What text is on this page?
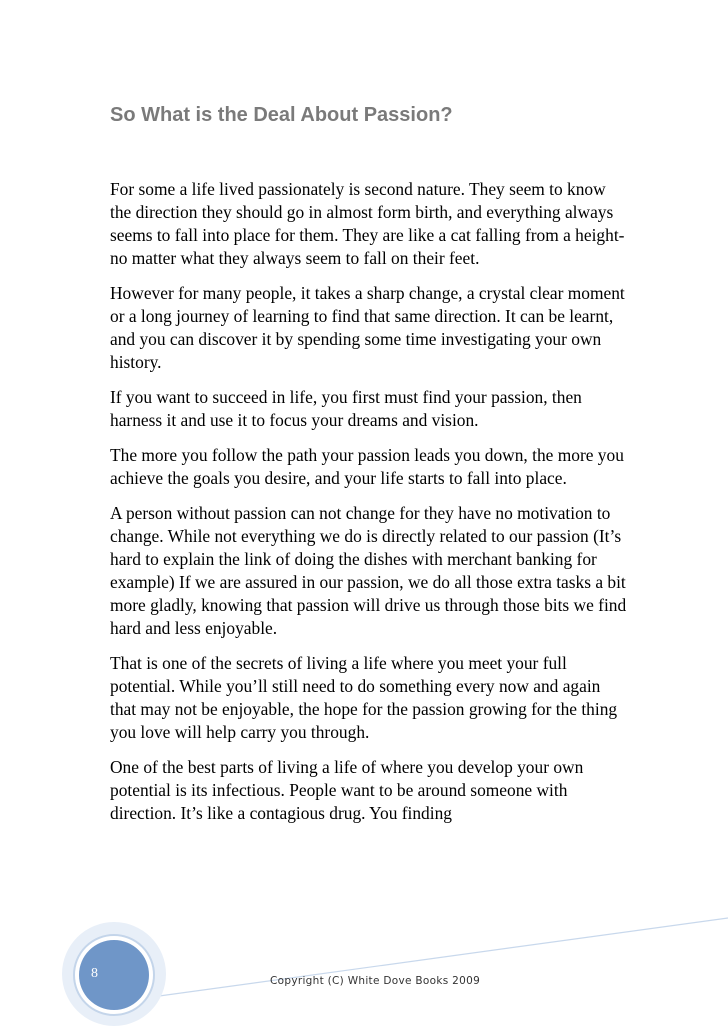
So What is the Deal About Passion?

For some a life lived passionately is second nature. They seem to know the direction they should go in almost form birth, and everything always seems to fall into place for them. They are like a cat falling from a height- no matter what they always seem to fall on their feet.

However for many people, it takes a sharp change, a crystal clear moment or a long journey of learning to find that same direction. It can be learnt, and you can discover it by spending some time investigating your own history.

If you want to succeed in life, you first must find your passion, then harness it and use it to focus your dreams and vision.

The more you follow the path your passion leads you down, the more you achieve the goals you desire, and your life starts to fall into place.

A person without passion can not change for they have no motivation to change. While not everything we do is directly related to our passion (It’s hard to explain the link of doing the dishes with merchant banking for example) If we are assured in our passion, we do all those extra tasks a bit more gladly, knowing that passion will drive us through those bits we find hard and less enjoyable.

That is one of the secrets of living a life where you meet your full potential. While you’ll still need to do something every now and again that may not be enjoyable, the hope for the passion growing for the thing you love will help carry you through.

One of the best parts of living a life of where you develop your own potential is its infectious. People want to be around someone with direction. It’s like a contagious drug. You finding

8	Copyright (C) White Dove Books 2009
